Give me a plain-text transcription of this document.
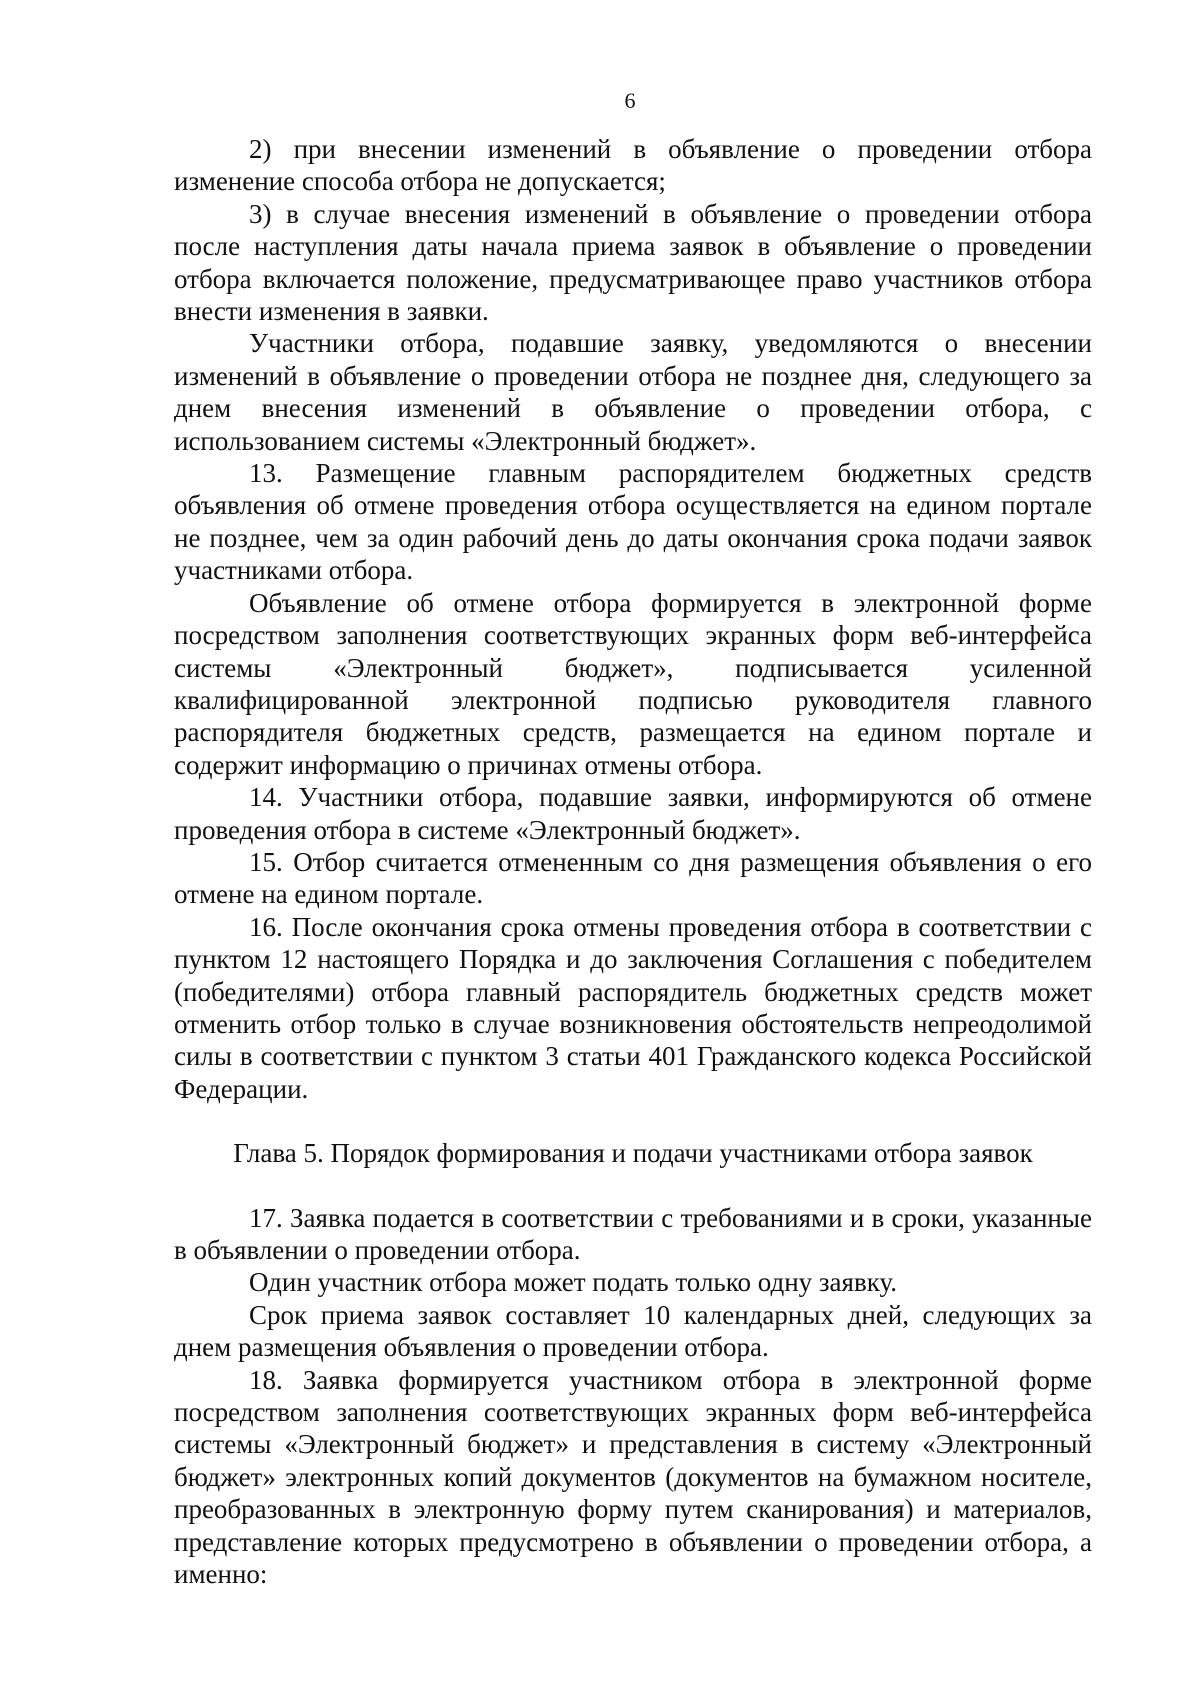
6

2) при внесении изменений в объявление о проведении отбора изменение способа отбора не допускается;

3) в случае внесения изменений в объявление о проведении отбора после наступления даты начала приема заявок в объявление о проведении отбора включается положение, предусматривающее право участников отбора внести изменения в заявки.

Участники отбора, подавшие заявку, уведомляются о внесении изменений в объявление о проведении отбора не позднее дня, следующего за днем внесения изменений в объявление о проведении отбора, с использованием системы «Электронный бюджет».

13. Размещение главным распорядителем бюджетных средств объявления об отмене проведения отбора осуществляется на едином портале не позднее, чем за один рабочий день до даты окончания срока подачи заявок участниками отбора.

Объявление об отмене отбора формируется в электронной форме посредством заполнения соответствующих экранных форм веб-интерфейса системы «Электронный бюджет», подписывается усиленной квалифицированной электронной подписью руководителя главного распорядителя бюджетных средств, размещается на едином портале и содержит информацию о причинах отмены отбора.

14. Участники отбора, подавшие заявки, информируются об отмене проведения отбора в системе «Электронный бюджет».

15. Отбор считается отмененным со дня размещения объявления о его отмене на едином портале.

16. После окончания срока отмены проведения отбора в соответствии с пунктом 12 настоящего Порядка и до заключения Соглашения с победителем (победителями) отбора главный распорядитель бюджетных средств может отменить отбор только в случае возникновения обстоятельств непреодолимой силы в соответствии с пунктом 3 статьи 401 Гражданского кодекса Российской Федерации.

Глава 5. Порядок формирования и подачи участниками отбора заявок

17. Заявка подается в соответствии с требованиями и в сроки, указанные в объявлении о проведении отбора.

Один участник отбора может подать только одну заявку.

Срок приема заявок составляет 10 календарных дней, следующих за днем размещения объявления о проведении отбора.

18. Заявка формируется участником отбора в электронной форме посредством заполнения соответствующих экранных форм веб-интерфейса системы «Электронный бюджет» и представления в систему «Электронный бюджет» электронных копий документов (документов на бумажном носителе, преобразованных в электронную форму путем сканирования) и материалов, представление которых предусмотрено в объявлении о проведении отбора, а именно:
